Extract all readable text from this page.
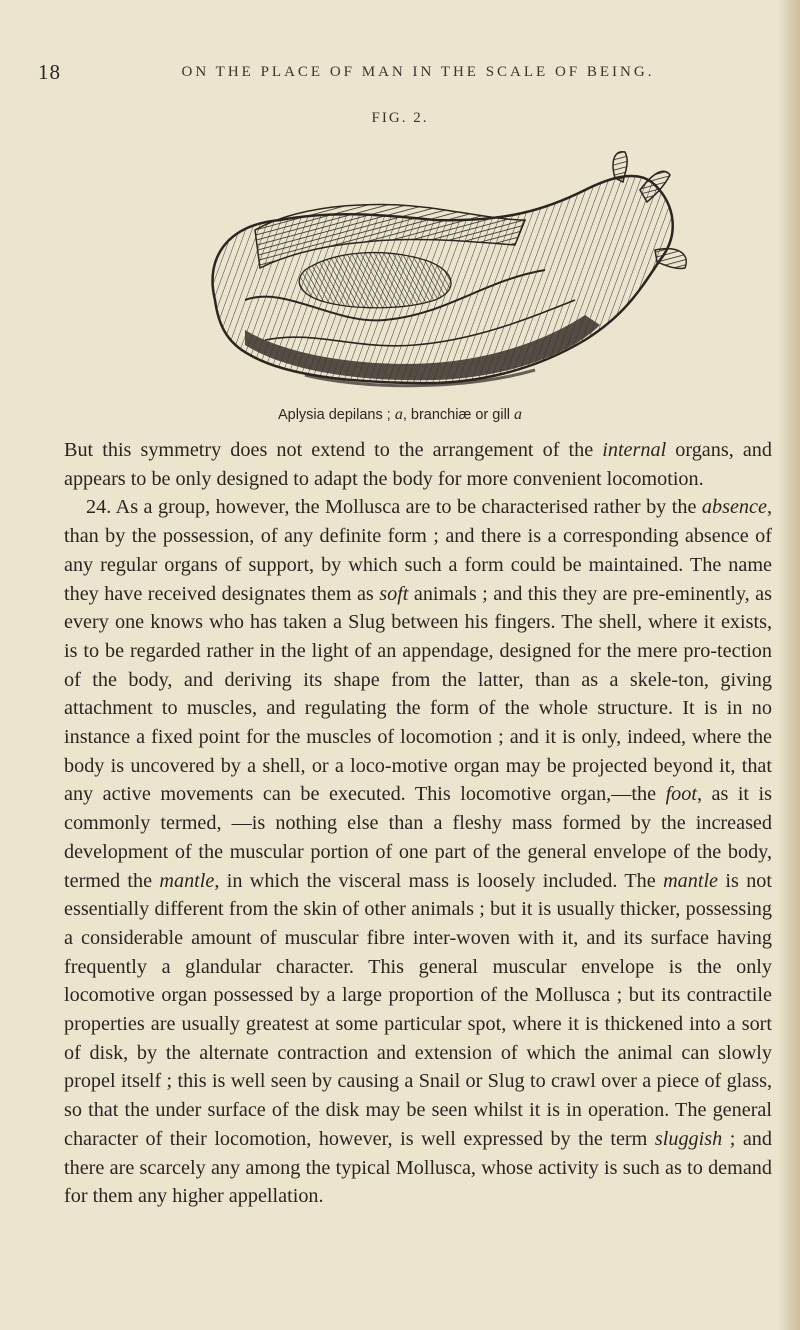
18	ON THE PLACE OF MAN IN THE SCALE OF BEING.
FIG. 2.
Aplysia depilans ; a, branchiæ or gill a

But this symmetry does not extend to the arrangement of the internal organs, and appears to be only designed to adapt the body for more convenient locomotion.

24. As a group, however, the Mollusca are to be characterised rather by the absence, than by the possession, of any definite form ; and there is a corresponding absence of any regular organs of support, by which such a form could be maintained. The name they have received designates them as soft animals ; and this they are pre-eminently, as every one knows who has taken a Slug between his fingers. The shell, where it exists, is to be regarded rather in the light of an appendage, designed for the mere pro-tection of the body, and deriving its shape from the latter, than as a skele-ton, giving attachment to muscles, and regulating the form of the whole structure. It is in no instance a fixed point for the muscles of locomotion ; and it is only, indeed, where the body is uncovered by a shell, or a loco-motive organ may be projected beyond it, that any active movements can be executed. This locomotive organ,—the foot, as it is commonly termed, —is nothing else than a fleshy mass formed by the increased development of the muscular portion of one part of the general envelope of the body, termed the mantle, in which the visceral mass is loosely included. The mantle is not essentially different from the skin of other animals ; but it is usually thicker, possessing a considerable amount of muscular fibre inter-woven with it, and its surface having frequently a glandular character. This general muscular envelope is the only locomotive organ possessed by a large proportion of the Mollusca ; but its contractile properties are usually greatest at some particular spot, where it is thickened into a sort of disk, by the alternate contraction and extension of which the animal can slowly propel itself ; this is well seen by causing a Snail or Slug to crawl over a piece of glass, so that the under surface of the disk may be seen whilst it is in operation. The general character of their locomotion, however, is well expressed by the term sluggish ; and there are scarcely any among the typical Mollusca, whose activity is such as to demand for them any higher appellation.
